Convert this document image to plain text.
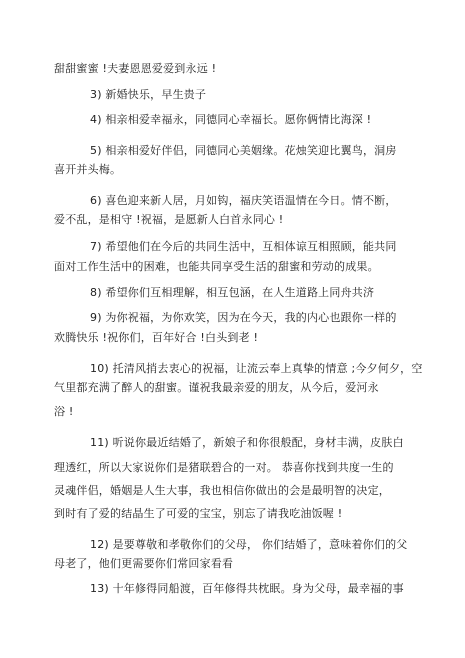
甜甜蜜蜜 !夫妻恩恩爱爱到永远 !
3) 新婚快乐，早生贵子
4) 相亲相爱幸福永，同德同心幸福长。愿你俩情比海深 !
5) 相亲相爱好伴侣，同德同心美姻缘。花烛笑迎比翼鸟，洞房
喜开并头梅。
6) 喜色迎来新人居，月如钩，福庆笑语温情在今日。情不断，
爱不乱，是相守 !祝福，是愿新人白首永同心 !
7) 希望他们在今后的共同生活中，互相体谅互相照顾，能共同
面对工作生活中的困难，也能共同享受生活的甜蜜和劳动的成果。
8) 希望你们互相理解，相互包涵，在人生道路上同舟共济
9) 为你祝福，为你欢笑，因为在今天，我的内心也跟你一样的
欢腾快乐 !祝你们，百年好合 !白头到老 !
10) 托清风捎去衷心的祝福，让流云奉上真挚的情意 ;今夕何夕，空
气里都充满了醉人的甜蜜。谨祝我最亲爱的朋友，从今后，爱河永
浴 !
11) 听说你最近结婚了，新娘子和你很般配，身材丰满，皮肤白
理透红，所以大家说你们是猪联碧合的一对。 恭喜你找到共度一生的
灵魂伴侣，婚姻是人生大事，我也相信你做出的会是最明智的决定，
到时有了爱的结晶生了可爱的宝宝，别忘了请我吃油饭喔 !
12) 是要尊敬和孝敬你们的父母， 你们结婚了，意味着你们的父
母老了，他们更需要你们常回家看看
13) 十年修得同船渡，百年修得共枕眠。身为父母，最幸福的事
